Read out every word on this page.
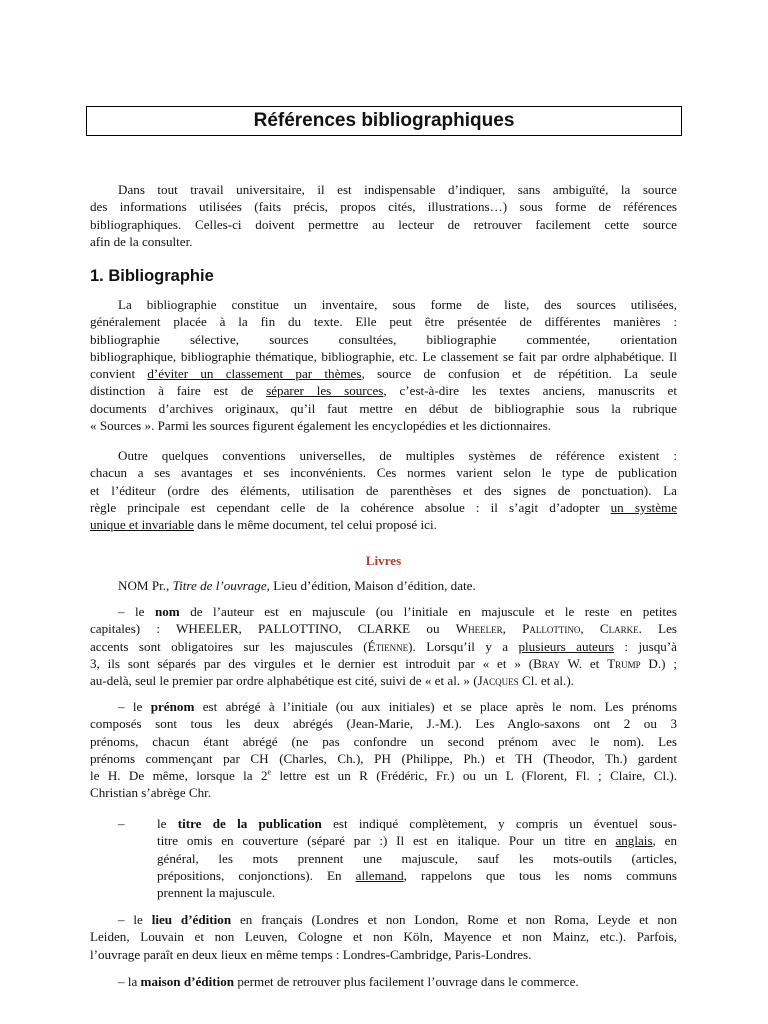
Références bibliographiques
Dans tout travail universitaire, il est indispensable d’indiquer, sans ambiguïté, la source
des informations utilisées (faits précis, propos cités, illustrations…) sous forme de références
bibliographiques. Celles-ci doivent permettre au lecteur de retrouver facilement cette source
afin de la consulter.
1. Bibliographie
La bibliographie constitue un inventaire, sous forme de liste, des sources utilisées,
généralement placée à la fin du texte. Elle peut être présentée de différentes manières :
bibliographie sélective, sources consultées, bibliographie commentée, orientation
bibliographique, bibliographie thématique, bibliographie, etc. Le classement se fait par ordre alphabétique. Il
convient d’éviter un classement par thèmes, source de confusion et de répétition. La seule
distinction à faire est de séparer les sources, c’est-à-dire les textes anciens, manuscrits et
documents d’archives originaux, qu’il faut mettre en début de bibliographie sous la rubrique
« Sources ». Parmi les sources figurent également les encyclopédies et les dictionnaires.
Outre quelques conventions universelles, de multiples systèmes de référence existent :
chacun a ses avantages et ses inconvénients. Ces normes varient selon le type de publication
et l’éditeur (ordre des éléments, utilisation de parenthèses et des signes de ponctuation). La
règle principale est cependant celle de la cohérence absolue : il s’agit d’adopter un système
unique et invariable dans le même document, tel celui proposé ici.
Livres
NOM Pr., Titre de l’ouvrage, Lieu d’édition, Maison d’édition, date.
– le nom de l’auteur est en majuscule (ou l’initiale en majuscule et le reste en petites
capitales) : WHEELER, PALLOTTINO, CLARKE ou Wheeler, Pallottino, Clarke. Les
accents sont obligatoires sur les majuscules (Étienne). Lorsqu’il y a plusieurs auteurs : jusqu’à
3, ils sont séparés par des virgules et le dernier est introduit par « et » (Bray W. et Trump D.) ;
au-delà, seul le premier par ordre alphabétique est cité, suivi de « et al. » (Jacques Cl. et al.).
– le prénom est abrégé à l’initiale (ou aux initiales) et se place après le nom. Les prénoms
composés sont tous les deux abrégés (Jean-Marie, J.-M.). Les Anglo-saxons ont 2 ou 3
prénoms, chacun étant abrégé (ne pas confondre un second prénom avec le nom). Les
prénoms commençant par CH (Charles, Ch.), PH (Philippe, Ph.) et TH (Theodor, Th.) gardent
le H. De même, lorsque la 2e lettre est un R (Frédéric, Fr.) ou un L (Florent, Fl. ; Claire, Cl.).
Christian s’abrège Chr.
– le titre de la publication est indiqué complètement, y compris un éventuel sous-
titre omis en couverture (séparé par :) Il est en italique. Pour un titre en anglais, en
général, les mots prennent une majuscule, sauf les mots-outils (articles,
prépositions, conjonctions). En allemand, rappelons que tous les noms communs
prennent la majuscule.
– le lieu d’édition en français (Londres et non London, Rome et non Roma, Leyde et non
Leiden, Louvain et non Leuven, Cologne et non Köln, Mayence et non Mainz, etc.). Parfois,
l’ouvrage paraît en deux lieux en même temps : Londres-Cambridge, Paris-Londres.
– la maison d’édition permet de retrouver plus facilement l’ouvrage dans le commerce.
